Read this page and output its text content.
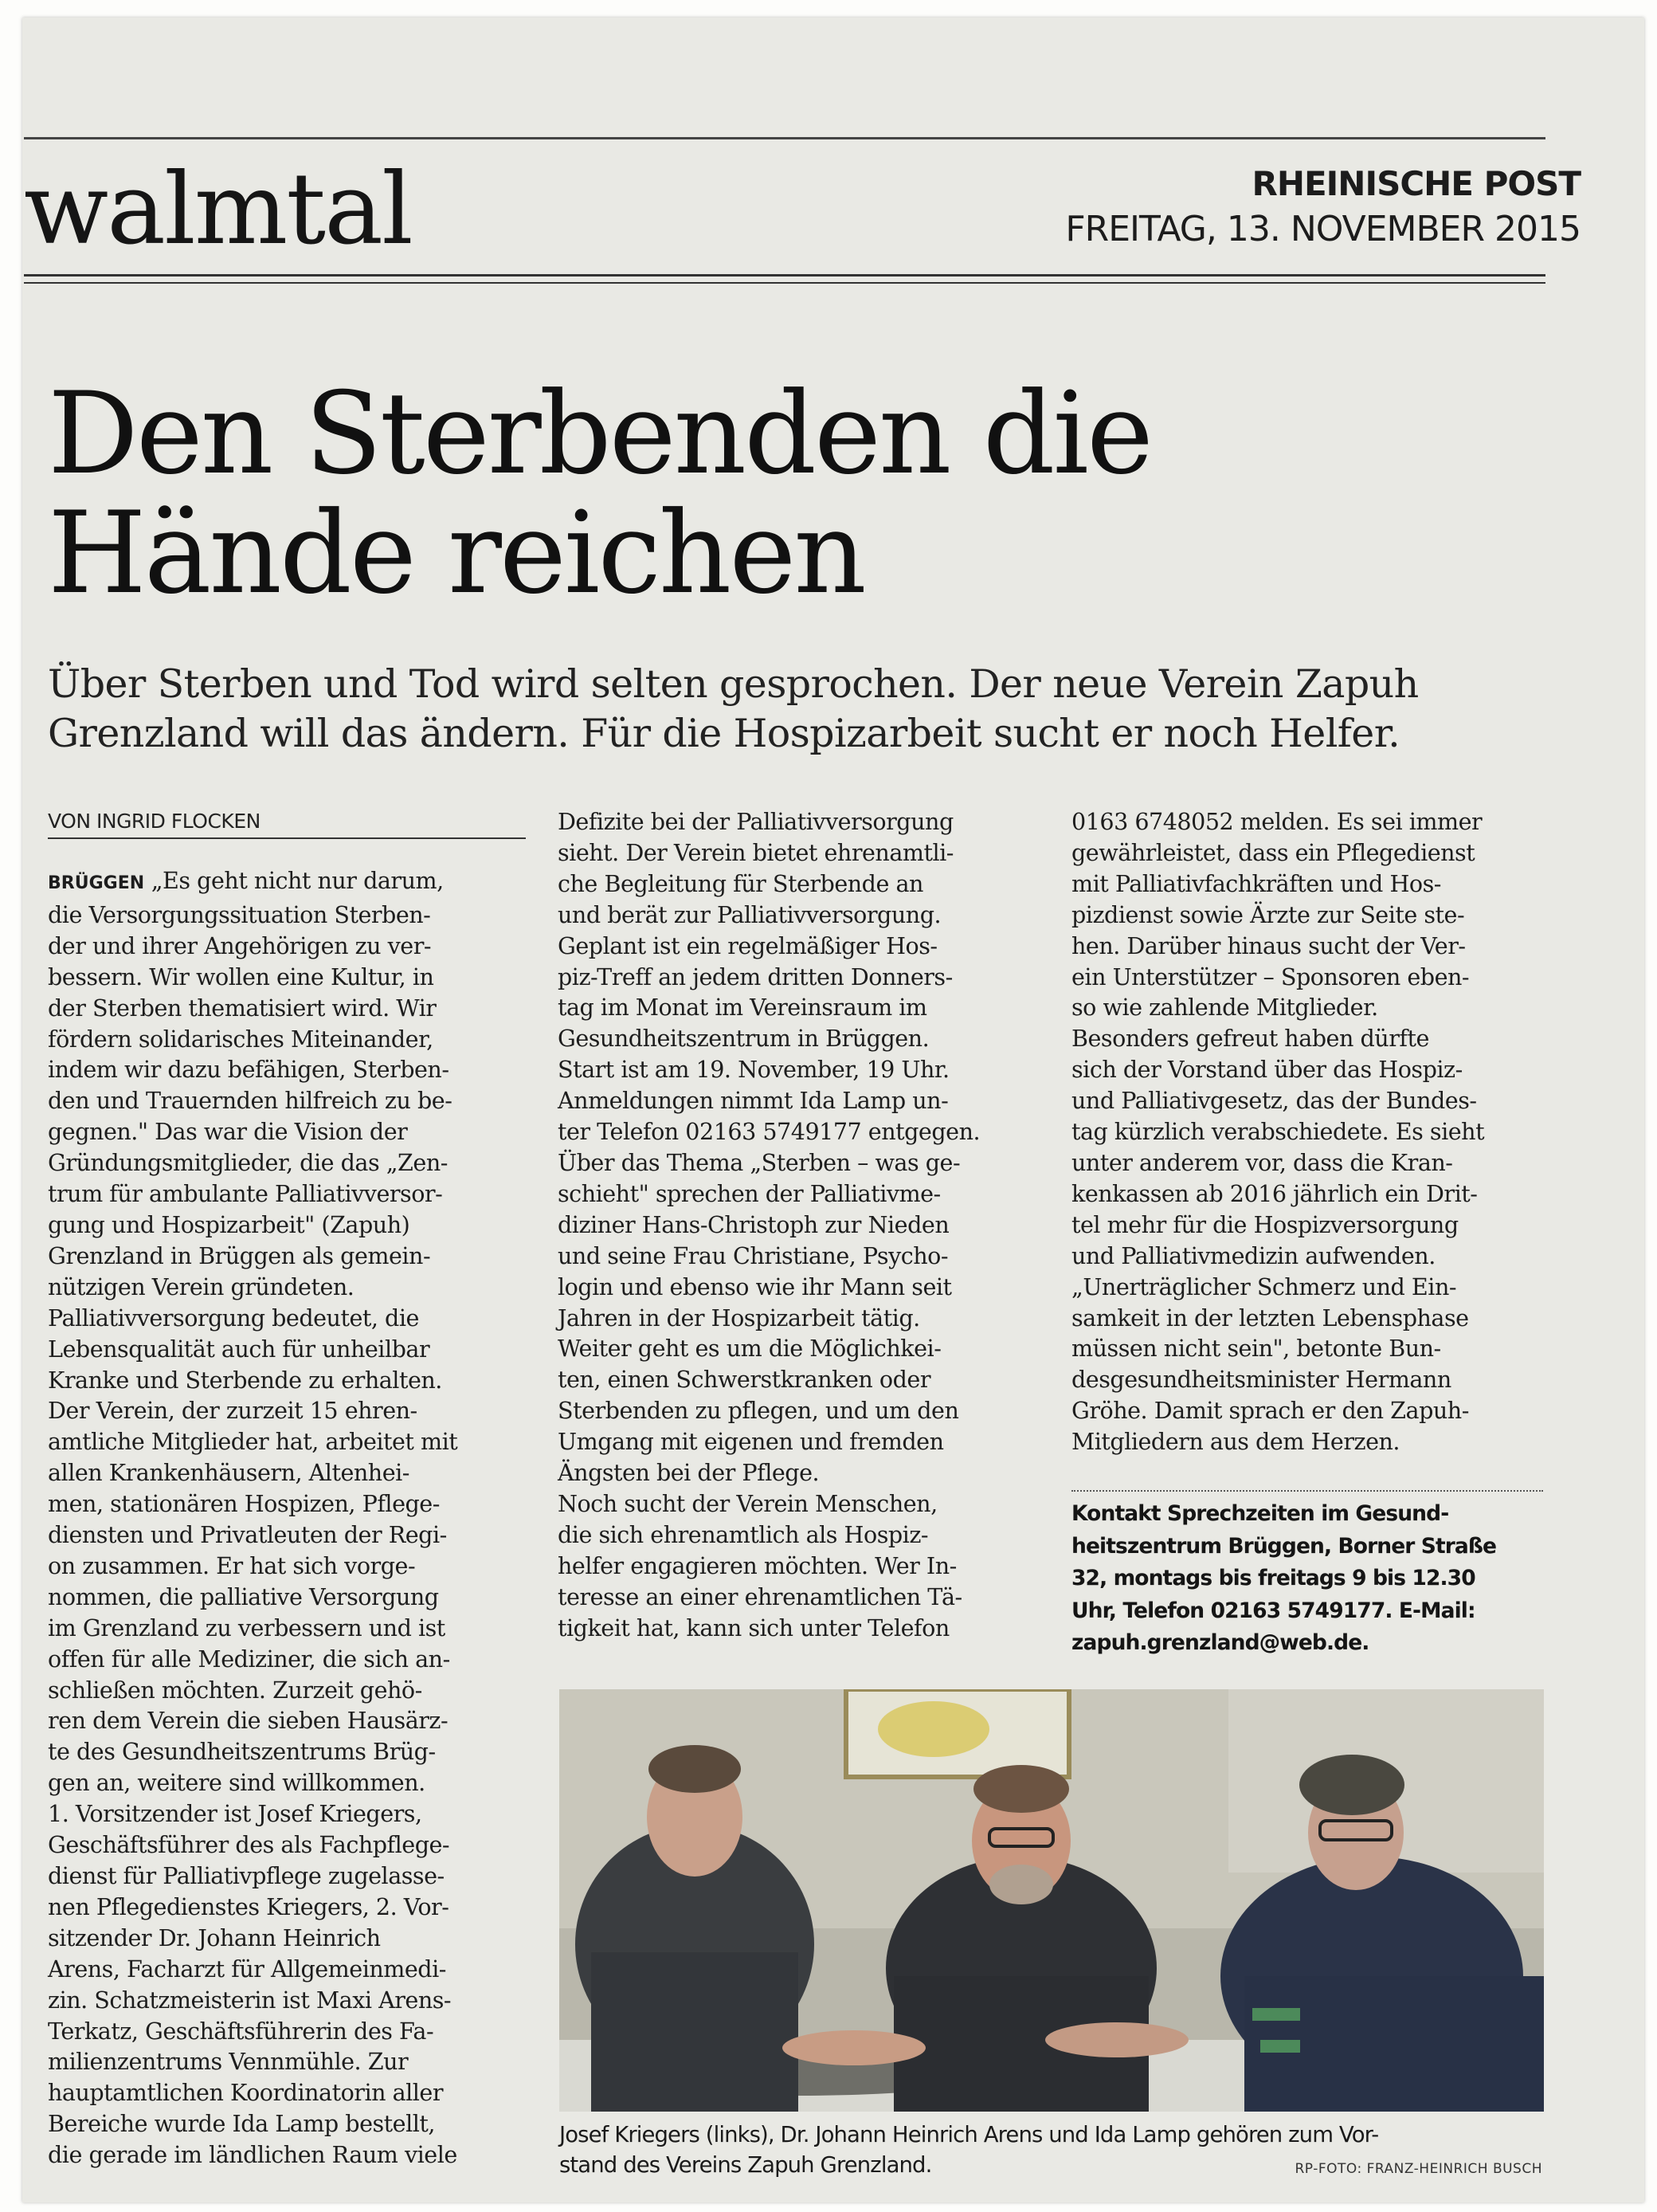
walmtal	RHEINISCHE POST
FREITAG, 13. NOVEMBER 2015
Den Sterbenden die
Hände reichen
Über Sterben und Tod wird selten gesprochen. Der neue Verein Zapuh
Grenzland will das ändern. Für die Hospizarbeit sucht er noch Helfer.
VON INGRID FLOCKEN
BRÜGGEN „Es geht nicht nur darum,
die Versorgungssituation Sterben-
der und ihrer Angehörigen zu ver-
bessern. Wir wollen eine Kultur, in
der Sterben thematisiert wird. Wir
fördern solidarisches Miteinander,
indem wir dazu befähigen, Sterben-
den und Trauernden hilfreich zu be-
gegnen." Das war die Vision der
Gründungsmitglieder, die das „Zen-
trum für ambulante Palliativversor-
gung und Hospizarbeit" (Zapuh)
Grenzland in Brüggen als gemein-
nützigen Verein gründeten.
Palliativversorgung bedeutet, die
Lebensqualität auch für unheilbar
Kranke und Sterbende zu erhalten.
Der Verein, der zurzeit 15 ehren-
amtliche Mitglieder hat, arbeitet mit
allen Krankenhäusern, Altenhei-
men, stationären Hospizen, Pflege-
diensten und Privatleuten der Regi-
on zusammen. Er hat sich vorge-
nommen, die palliative Versorgung
im Grenzland zu verbessern und ist
offen für alle Mediziner, die sich an-
schließen möchten. Zurzeit gehö-
ren dem Verein die sieben Hausärz-
te des Gesundheitszentrums Brüg-
gen an, weitere sind willkommen.
1. Vorsitzender ist Josef Kriegers,
Geschäftsführer des als Fachpflege-
dienst für Palliativpflege zugelasse-
nen Pflegedienstes Kriegers, 2. Vor-
sitzender Dr. Johann Heinrich
Arens, Facharzt für Allgemeinmedi-
zin. Schatzmeisterin ist Maxi Arens-
Terkatz, Geschäftsführerin des Fa-
milienzentrums Vennmühle. Zur
hauptamtlichen Koordinatorin aller
Bereiche wurde Ida Lamp bestellt,
die gerade im ländlichen Raum viele
Defizite bei der Palliativversorgung
sieht. Der Verein bietet ehrenamtli-
che Begleitung für Sterbende an
und berät zur Palliativversorgung.
Geplant ist ein regelmäßiger Hos-
piz-Treff an jedem dritten Donners-
tag im Monat im Vereinsraum im
Gesundheitszentrum in Brüggen.
Start ist am 19. November, 19 Uhr.
Anmeldungen nimmt Ida Lamp un-
ter Telefon 02163 5749177 entgegen.
Über das Thema „Sterben – was ge-
schieht" sprechen der Palliativme-
diziner Hans-Christoph zur Nieden
und seine Frau Christiane, Psycho-
login und ebenso wie ihr Mann seit
Jahren in der Hospizarbeit tätig.
Weiter geht es um die Möglichkei-
ten, einen Schwerstkranken oder
Sterbenden zu pflegen, und um den
Umgang mit eigenen und fremden
Ängsten bei der Pflege.
Noch sucht der Verein Menschen,
die sich ehrenamtlich als Hospiz-
helfer engagieren möchten. Wer In-
teresse an einer ehrenamtlichen Tä-
tigkeit hat, kann sich unter Telefon
0163 6748052 melden. Es sei immer
gewährleistet, dass ein Pflegedienst
mit Palliativfachkräften und Hos-
pizdienst sowie Ärzte zur Seite ste-
hen. Darüber hinaus sucht der Ver-
ein Unterstützer – Sponsoren eben-
so wie zahlende Mitglieder.
Besonders gefreut haben dürfte
sich der Vorstand über das Hospiz-
und Palliativgesetz, das der Bundes-
tag kürzlich verabschiedete. Es sieht
unter anderem vor, dass die Kran-
kenkassen ab 2016 jährlich ein Drit-
tel mehr für die Hospizversorgung
und Palliativmedizin aufwenden.
„Unerträglicher Schmerz und Ein-
samkeit in der letzten Lebensphase
müssen nicht sein", betonte Bun-
desgesundheitsminister Hermann
Gröhe. Damit sprach er den Zapuh-
Mitgliedern aus dem Herzen.
Kontakt Sprechzeiten im Gesund-
heitszentrum Brüggen, Borner Straße
32, montags bis freitags 9 bis 12.30
Uhr, Telefon 02163 5749177. E-Mail:
zapuh.grenzland@web.de.
Josef Kriegers (links), Dr. Johann Heinrich Arens und Ida Lamp gehören zum Vor-
stand des Vereins Zapuh Grenzland.	RP-FOTO: FRANZ-HEINRICH BUSCH
